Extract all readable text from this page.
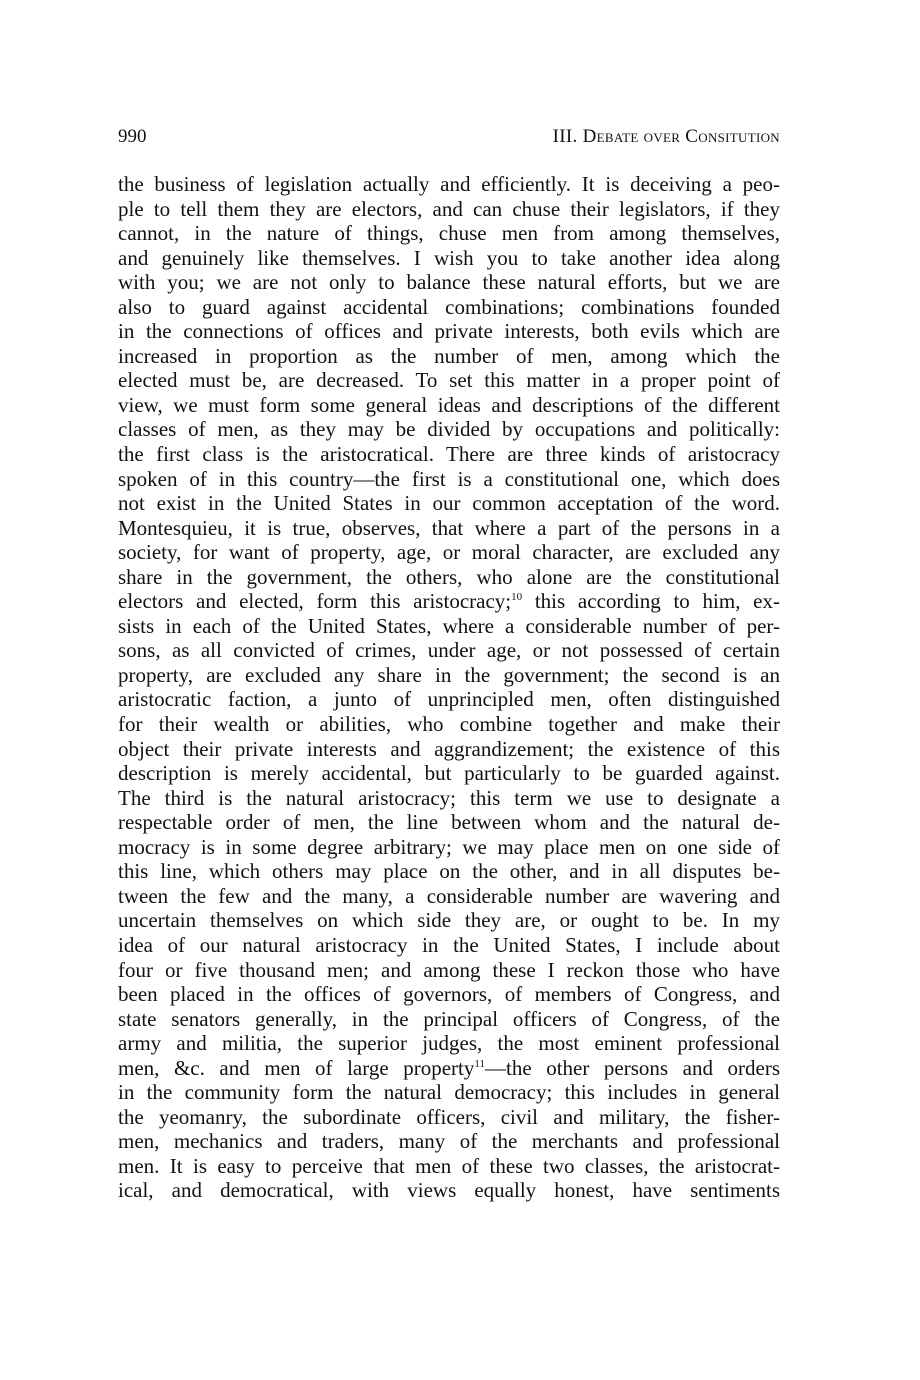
990	III. Debate over Consitution
the business of legislation actually and efficiently. It is deceiving a peo-
ple to tell them they are electors, and can chuse their legislators, if they
cannot, in the nature of things, chuse men from among themselves,
and genuinely like themselves. I wish you to take another idea along
with you; we are not only to balance these natural efforts, but we are
also to guard against accidental combinations; combinations founded
in the connections of offices and private interests, both evils which are
increased in proportion as the number of men, among which the
elected must be, are decreased. To set this matter in a proper point of
view, we must form some general ideas and descriptions of the different
classes of men, as they may be divided by occupations and politically:
the first class is the aristocratical. There are three kinds of aristocracy
spoken of in this country—the first is a constitutional one, which does
not exist in the United States in our common acceptation of the word.
Montesquieu, it is true, observes, that where a part of the persons in a
society, for want of property, age, or moral character, are excluded any
share in the government, the others, who alone are the constitutional
electors and elected, form this aristocracy;$^{10}$ this according to him, ex-
sists in each of the United States, where a considerable number of per-
sons, as all convicted of crimes, under age, or not possessed of certain
property, are excluded any share in the government; the second is an
aristocratic faction, a junto of unprincipled men, often distinguished
for their wealth or abilities, who combine together and make their
object their private interests and aggrandizement; the existence of this
description is merely accidental, but particularly to be guarded against.
The third is the natural aristocracy; this term we use to designate a
respectable order of men, the line between whom and the natural de-
mocracy is in some degree arbitrary; we may place men on one side of
this line, which others may place on the other, and in all disputes be-
tween the few and the many, a considerable number are wavering and
uncertain themselves on which side they are, or ought to be. In my
idea of our natural aristocracy in the United States, I include about
four or five thousand men; and among these I reckon those who have
been placed in the offices of governors, of members of Congress, and
state senators generally, in the principal officers of Congress, of the
army and militia, the superior judges, the most eminent professional
men, &c. and men of large property$^{11}$—the other persons and orders
in the community form the natural democracy; this includes in general
the yeomanry, the subordinate officers, civil and military, the fisher-
men, mechanics and traders, many of the merchants and professional
men. It is easy to perceive that men of these two classes, the aristocrat-
ical, and democratical, with views equally honest, have sentiments
